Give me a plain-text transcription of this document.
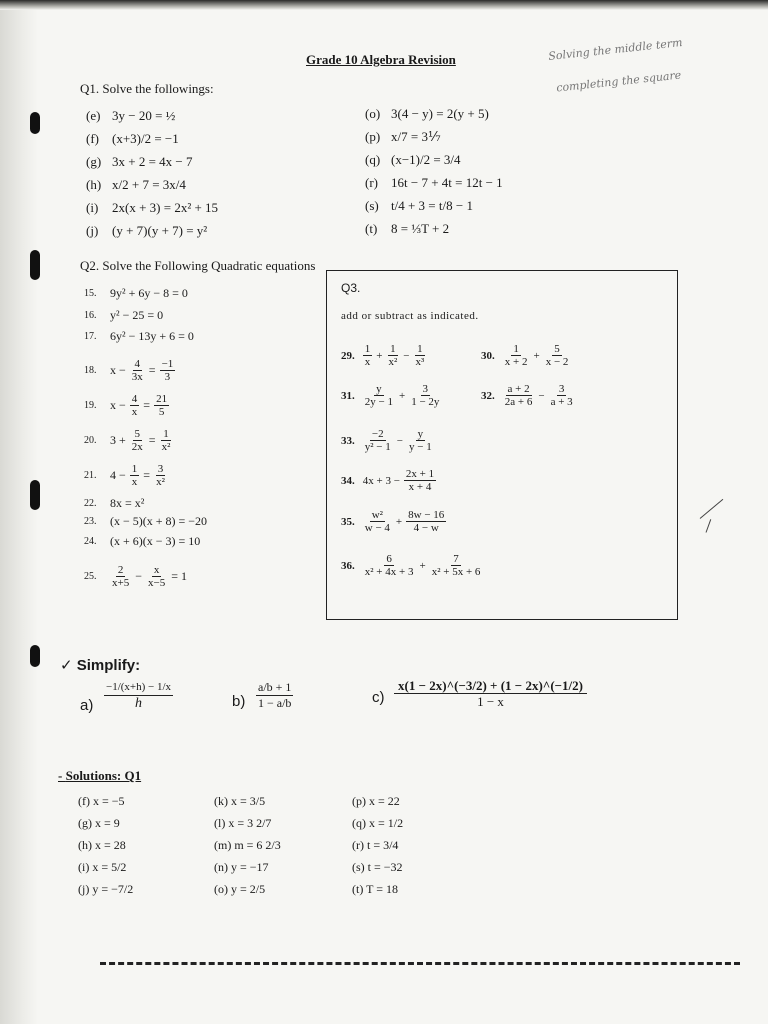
Grade 10 Algebra Revision	Solving the middle term
completing the square
Q1. Solve the followings:
(e) 3y − 20 = ½
(f) (x+3)/2 = −1
(g) 3x + 2 = 4x − 7
(h) x/2 + 7 = 3x/4
(i) 2x(x + 3) = 2x² + 15
(j) (y + 7)(y + 7) = y²
(o) 3(4 − y) = 2(y + 5)
(p) x/7 = 3⅐
(q) (x−1)/2 = 3/4
(r) 16t − 7 + 4t = 12t − 1
(s) t/4 + 3 = t/8 − 1
(t) 8 = ⅓T + 2
Q2. Solve the Following Quadratic equations
15.	9y² + 6y − 8 = 0
16.	y² − 25 = 0
17.	6y² − 13y + 6 = 0
18.	$x - \frac{4}{3x} = \frac{-1}{3}$
19.	$x - \frac{4}{x} = \frac{21}{5}$
20.	$3 + \frac{5}{2x} = \frac{1}{\text{x²}}$
21.	$4 - \frac{1}{x} = \frac{3}{\text{x²}}$
22.	8x = x²
23.	(x − 5)(x + 8) = −20
24.	(x + 6)(x − 3) = 10
25.	$\frac{2}{x+5} - \frac{x}{x-5} = 1$
Q3.
add or subtract as indicated.
29. $\frac{1}{x} + \frac{1}{\text{x²}} - \frac{1}{\text{x³}}$	30. $\frac{1}{x + 2} + \frac{5}{x - 2}$
31. $\frac{y}{2y - 1} + \frac{3}{1 - 2y}$	32. $\frac{a + 2}{2a + 6} - \frac{3}{a + 3}$
33. $\frac{-2}{\text{y² − 1}} - \frac{y}{y - 1}$
34. $4x + 3 - \frac{2x + 1}{x + 4}$
35. $\frac{\text{w²}}{w - 4} + \frac{8w - 16}{4 - w}$
36. $\frac{6}{\text{x² + 4x + 3}} + \frac{7}{\text{x² + 5x + 6}}$
✓ Simplify:
a)
−1/(x+h) − 1/x
h	$b) \frac{a/b + 1}{1 - a/b}$	$c) \frac{x(1 - 2x)\^{}(-3/2) + (1 - 2x)\^{}(-1/2)}{1 - x}$
- Solutions: Q1
(f) x = −5
(g) x = 9
(h) x = 28
(i) x = 5/2
(j) y = −7/2
(k) x = 3/5
(l) x = 3 2/7
(m) m = 6 2/3
(n) y = −17
(o) y = 2/5
(p) x = 22
(q) x = 1/2
(r) t = 3/4
(s) t = −32
(t) T = 18
